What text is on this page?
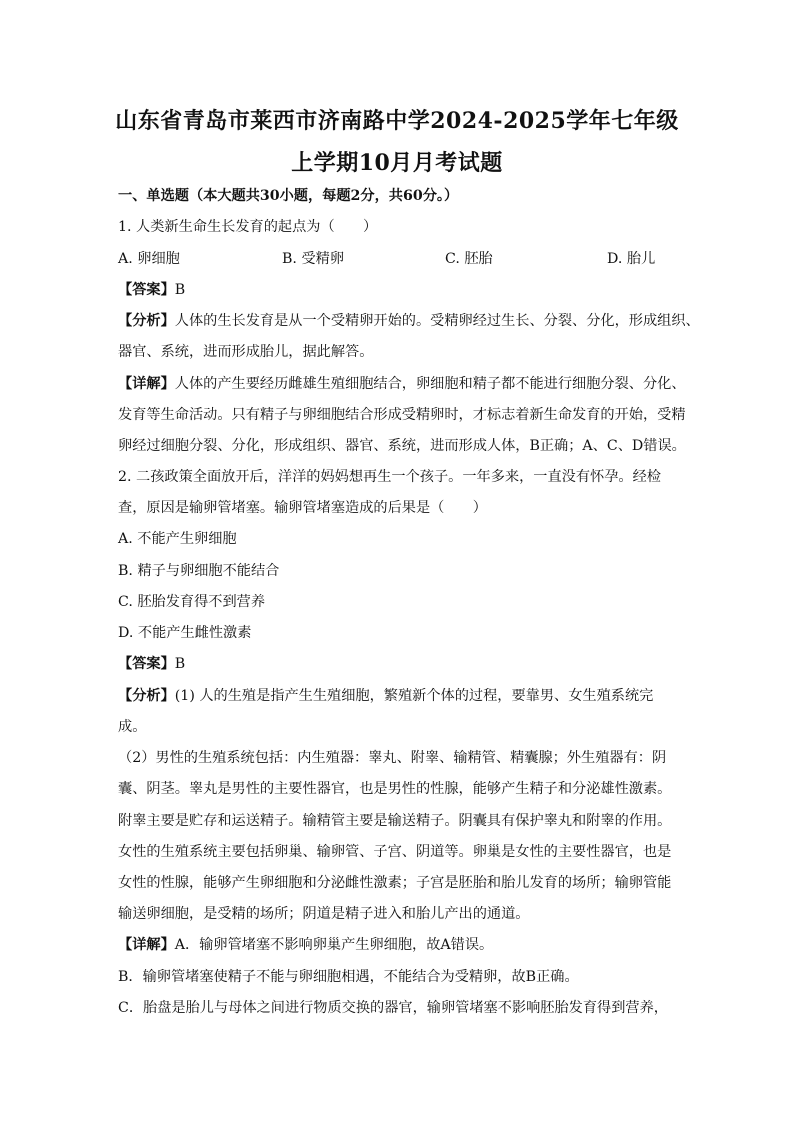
山东省青岛市莱西市济南路中学2024-2025学年七年级
上学期10月月考试题
一、单选题（本大题共30小题，每题2分，共60分。）
1. 人类新生命生长发育的起点为（　　）
A. 卵细胞	B. 受精卵	C. 胚胎	D. 胎儿
【答案】B
【分析】人体的生长发育是从一个受精卵开始的。受精卵经过生长、分裂、分化，形成组织、
器官、系统，进而形成胎儿，据此解答。
【详解】人体的产生要经历雌雄生殖细胞结合，卵细胞和精子都不能进行细胞分裂、分化、
发育等生命活动。只有精子与卵细胞结合形成受精卵时，才标志着新生命发育的开始，受精
卵经过细胞分裂、分化，形成组织、器官、系统，进而形成人体，B正确；A、C、D错误。
2. 二孩政策全面放开后，洋洋的妈妈想再生一个孩子。一年多来，一直没有怀孕。经检
查，原因是输卵管堵塞。输卵管堵塞造成的后果是（　　）
A. 不能产生卵细胞
B. 精子与卵细胞不能结合
C. 胚胎发育得不到营养
D. 不能产生雌性激素
【答案】B
【分析】(1) 人的生殖是指产生生殖细胞，繁殖新个体的过程，要靠男、女生殖系统完
成。
（2）男性的生殖系统包括：内生殖器：睾丸、附睾、输精管、精囊腺；外生殖器有：阴
囊、阴茎。睾丸是男性的主要性器官，也是男性的性腺，能够产生精子和分泌雄性激素。
附睾主要是贮存和运送精子。输精管主要是输送精子。阴囊具有保护睾丸和附睾的作用。
女性的生殖系统主要包括卵巢、输卵管、子宫、阴道等。卵巢是女性的主要性器官，也是
女性的性腺，能够产生卵细胞和分泌雌性激素；子宫是胚胎和胎儿发育的场所；输卵管能
输送卵细胞，是受精的场所；阴道是精子进入和胎儿产出的通道。
【详解】A．输卵管堵塞不影响卵巢产生卵细胞，故A错误。
B．输卵管堵塞使精子不能与卵细胞相遇，不能结合为受精卵，故B正确。
C．胎盘是胎儿与母体之间进行物质交换的器官，输卵管堵塞不影响胚胎发育得到营养，
